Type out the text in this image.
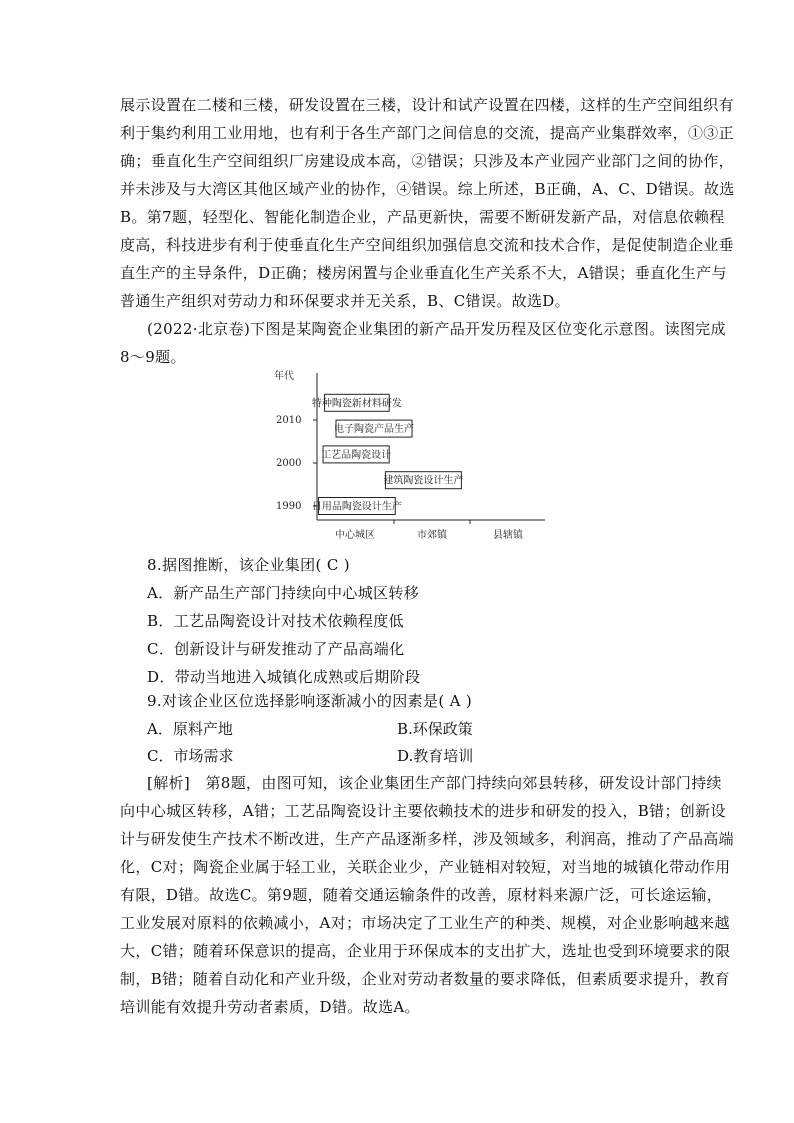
展示设置在二楼和三楼，研发设置在三楼，设计和试产设置在四楼，这样的生产空间组织有
利于集约利用工业用地，也有利于各生产部门之间信息的交流，提高产业集群效率，①③正
确；垂直化生产空间组织厂房建设成本高，②错误；只涉及本产业园产业部门之间的协作，
并未涉及与大湾区其他区域产业的协作，④错误。综上所述，B正确，A、C、D错误。故选
B。第7题，轻型化、智能化制造企业，产品更新快，需要不断研发新产品，对信息依赖程
度高，科技进步有利于使垂直化生产空间组织加强信息交流和技术合作，是促使制造企业垂
直生产的主导条件，D正确；楼房闲置与企业垂直化生产关系不大，A错误；垂直化生产与
普通生产组织对劳动力和环保要求并无关系，B、C错误。故选D。
(2022·北京卷)下图是某陶瓷企业集团的新产品开发历程及区位变化示意图。读图完成
8～9题。
年代
2010
2000
1990
中心城区	市郊镇	县辖镇
特种陶瓷新材料研发
电子陶瓷产品生产
工艺品陶瓷设计
建筑陶瓷设计生产
日用品陶瓷设计生产
8.据图推断，该企业集团( C )
A．新产品生产部门持续向中心城区转移
B．工艺品陶瓷设计对技术依赖程度低
C．创新设计与研发推动了产品高端化
D．带动当地进入城镇化成熟或后期阶段
9.对该企业区位选择影响逐渐减小的因素是( A )
A．原料产地	B.环保政策
C．市场需求	D.教育培训
[解析]　第8题，由图可知，该企业集团生产部门持续向郊县转移，研发设计部门持续
向中心城区转移，A错；工艺品陶瓷设计主要依赖技术的进步和研发的投入，B错；创新设
计与研发使生产技术不断改进，生产产品逐渐多样，涉及领域多，利润高，推动了产品高端
化，C对；陶瓷企业属于轻工业，关联企业少，产业链相对较短，对当地的城镇化带动作用
有限，D错。故选C。第9题，随着交通运输条件的改善，原材料来源广泛，可长途运输，
工业发展对原料的依赖减小，A对；市场决定了工业生产的种类、规模，对企业影响越来越
大，C错；随着环保意识的提高，企业用于环保成本的支出扩大，选址也受到环境要求的限
制，B错；随着自动化和产业升级，企业对劳动者数量的要求降低，但素质要求提升，教育
培训能有效提升劳动者素质，D错。故选A。
